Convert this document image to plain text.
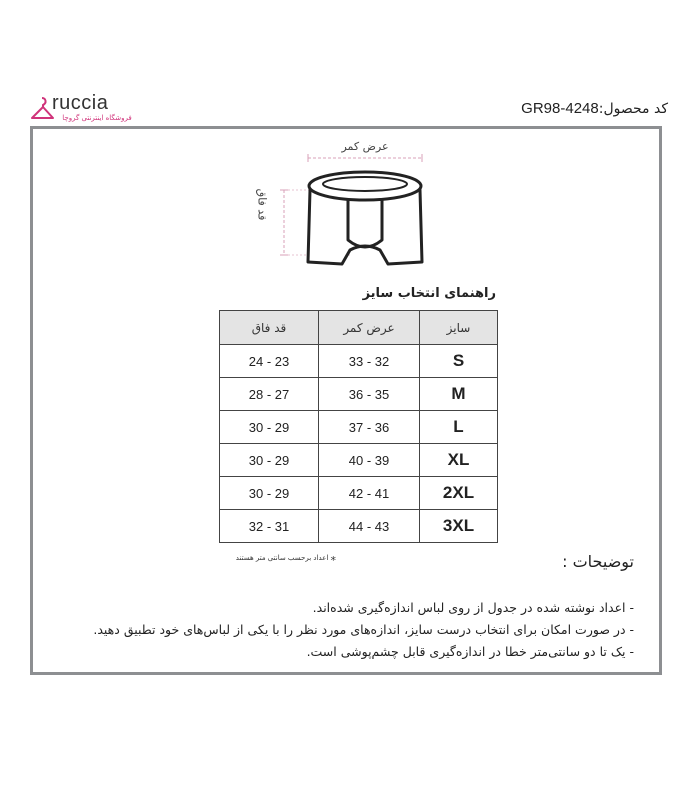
ruccia
فروشگاه اینترنتی گروچا
کد محصول:GR98-4248
عرض کمر
قد فاق
راهنمای انتخاب سایز
سایز	عرض کمر	قد فاق
S	32 - 33	23 - 24
M	35 - 36	27 - 28
L	36 - 37	29 - 30
XL	39 - 40	29 - 30
2XL	41 - 42	29 - 30
3XL	43 - 44	31 - 32
* اعداد برحسب سانتی متر هستند	توضیحات :
- اعداد نوشته شده در جدول از روی لباس اندازه‌گیری شده‌اند.
- در صورت امکان برای انتخاب درست سایز، اندازه‌های مورد نظر را با یکی از لباس‌های خود تطبیق دهید.
- یک تا دو سانتی‌متر خطا در اندازه‌گیری قابل چشم‌پوشی است.
